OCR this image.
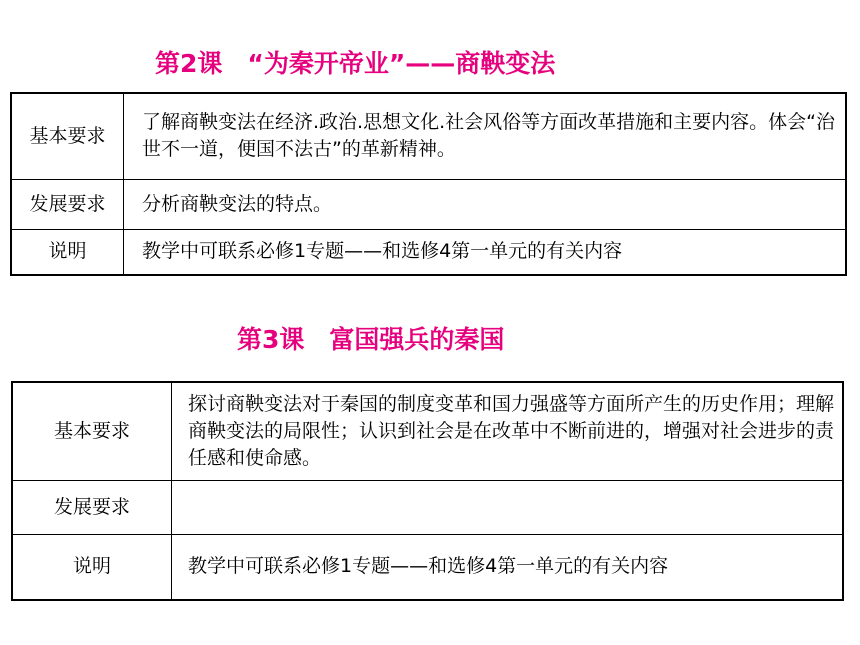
第2课　“为秦开帝业”——商鞅变法
基本要求	了解商鞅变法在经济.政治.思想文化.社会风俗等方面改革措施和主要内容。体会“治世不一道，便国不法古”的革新精神。
发展要求	分析商鞅变法的特点。
说明	教学中可联系必修1专题——和选修4第一单元的有关内容
第3课　富国强兵的秦国
基本要求	探讨商鞅变法对于秦国的制度变革和国力强盛等方面所产生的历史作用；理解商鞅变法的局限性；认识到社会是在改革中不断前进的，增强对社会进步的责任感和使命感。
发展要求	
说明	教学中可联系必修1专题——和选修4第一单元的有关内容
